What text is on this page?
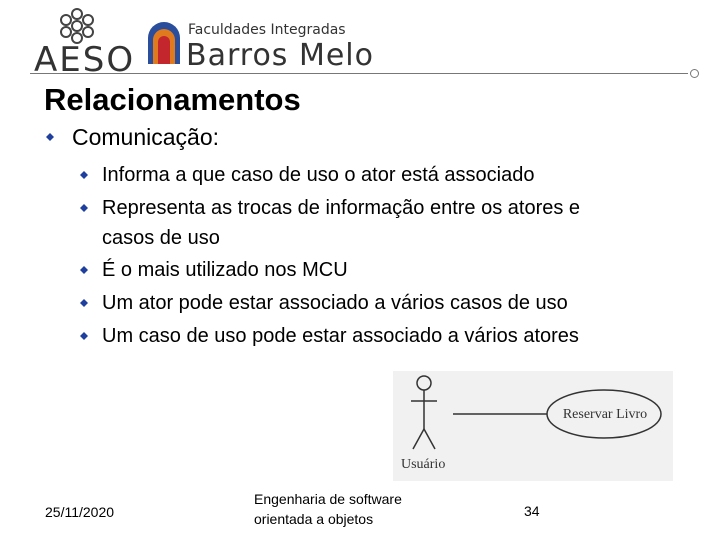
AESO
Faculdades Integradas
Barros Melo
Relacionamentos
Comunicação:
Informa a que caso de uso o ator está associado
Representa as trocas de informação entre os atores e
casos de uso
É o mais utilizado nos MCU
Um ator pode estar associado a vários casos de uso
Um caso de uso pode estar associado a vários atores
Usuário
Reservar Livro
25/11/2020
Engenharia de software
orientada a objetos	34
